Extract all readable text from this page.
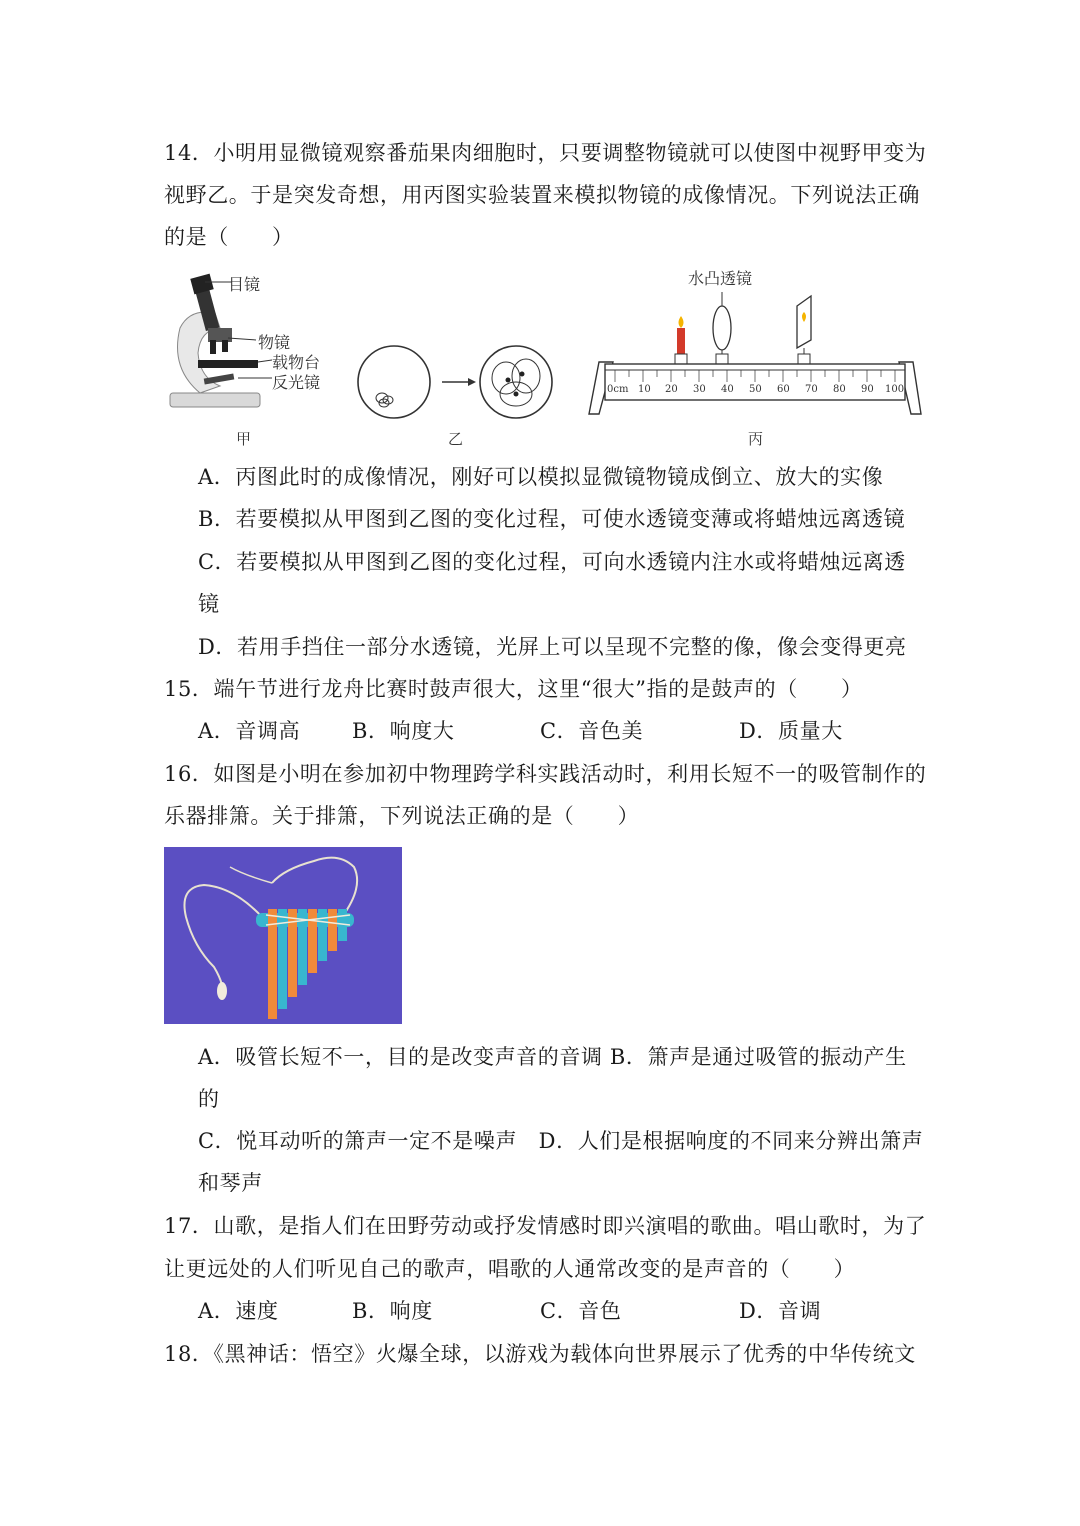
14．小明用显微镜观察番茄果肉细胞时，只要调整物镜就可以使图中视野甲变为
视野乙。于是突发奇想，用丙图实验装置来模拟物镜的成像情况。下列说法正确
的是（　　）
目镜
物镜
载物台
反光镜
甲	乙
水凸透镜
0cm 10 20 30 40 50 60 70 80 90 100
丙
A．丙图此时的成像情况，刚好可以模拟显微镜物镜成倒立、放大的实像
B．若要模拟从甲图到乙图的变化过程，可使水透镜变薄或将蜡烛远离透镜
C．若要模拟从甲图到乙图的变化过程，可向水透镜内注水或将蜡烛远离透
镜
D．若用手挡住一部分水透镜，光屏上可以呈现不完整的像，像会变得更亮
15．端午节进行龙舟比赛时鼓声很大，这里“很大”指的是鼓声的（　　）
A．音调高 B．响度大	C．音色美	D．质量大
16．如图是小明在参加初中物理跨学科实践活动时，利用长短不一的吸管制作的
乐器排箫。关于排箫，下列说法正确的是（　　）
A．吸管长短不一，目的是改变声音的音调 B．箫声是通过吸管的振动产生
的
C．悦耳动听的箫声一定不是噪声　D．人们是根据响度的不同来分辨出箫声
和琴声
17．山歌，是指人们在田野劳动或抒发情感时即兴演唱的歌曲。唱山歌时，为了
让更远处的人们听见自己的歌声，唱歌的人通常改变的是声音的（　　）
A．速度	B．响度	C．音色	D．音调
18．《黑神话：悟空》火爆全球，以游戏为载体向世界展示了优秀的中华传统文
